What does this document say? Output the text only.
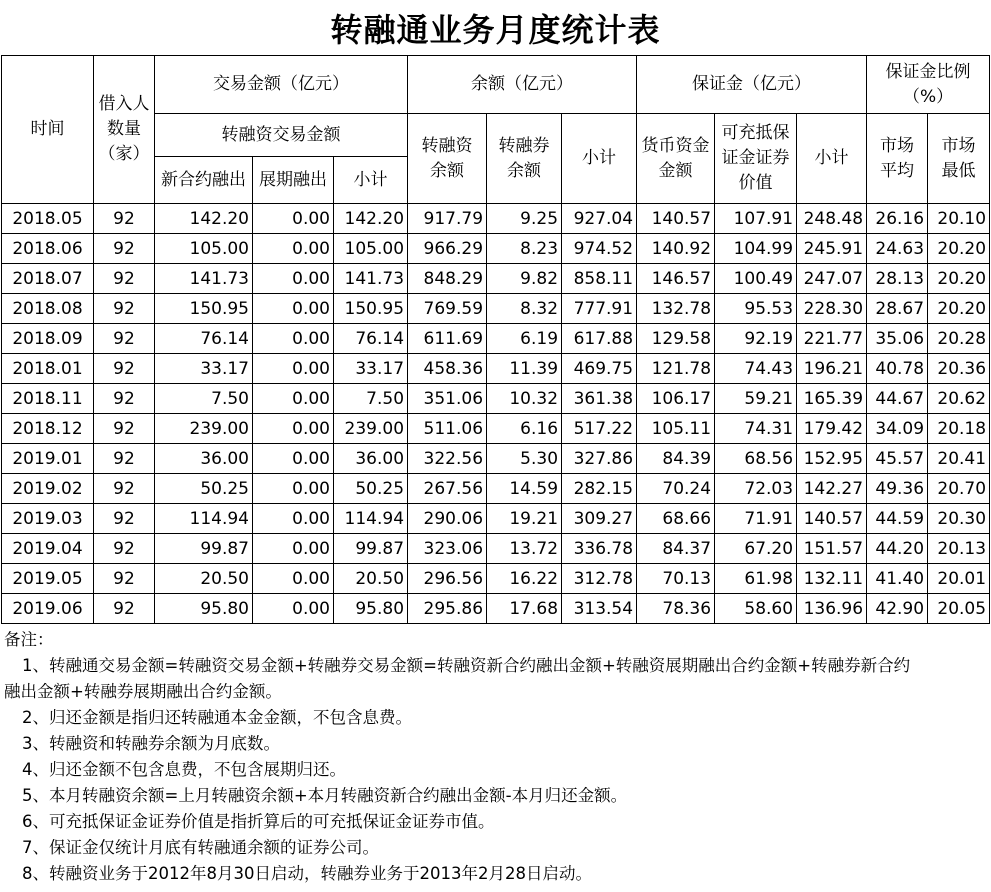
转融通业务月度统计表
时间	借入人数量（家）	交易金额（亿元）			余额（亿元）			保证金（亿元）			保证金比例（%）	
		转融资交易金额			转融资余额	转融券余额	小计	货币资金金额	可充抵保证金证券价值	小计	市场平均	市场最低
		新合约融出	展期融出	小计								
2018.05	92	142.20	0.00	142.20	917.79	9.25	927.04	140.57	107.91	248.48	26.16	20.10
2018.06	92	105.00	0.00	105.00	966.29	8.23	974.52	140.92	104.99	245.91	24.63	20.20
2018.07	92	141.73	0.00	141.73	848.29	9.82	858.11	146.57	100.49	247.07	28.13	20.20
2018.08	92	150.95	0.00	150.95	769.59	8.32	777.91	132.78	95.53	228.30	28.67	20.20
2018.09	92	76.14	0.00	76.14	611.69	6.19	617.88	129.58	92.19	221.77	35.06	20.28
2018.01	92	33.17	0.00	33.17	458.36	11.39	469.75	121.78	74.43	196.21	40.78	20.36
2018.11	92	7.50	0.00	7.50	351.06	10.32	361.38	106.17	59.21	165.39	44.67	20.62
2018.12	92	239.00	0.00	239.00	511.06	6.16	517.22	105.11	74.31	179.42	34.09	20.18
2019.01	92	36.00	0.00	36.00	322.56	5.30	327.86	84.39	68.56	152.95	45.57	20.41
2019.02	92	50.25	0.00	50.25	267.56	14.59	282.15	70.24	72.03	142.27	49.36	20.70
2019.03	92	114.94	0.00	114.94	290.06	19.21	309.27	68.66	71.91	140.57	44.59	20.30
2019.04	92	99.87	0.00	99.87	323.06	13.72	336.78	84.37	67.20	151.57	44.20	20.13
2019.05	92	20.50	0.00	20.50	296.56	16.22	312.78	70.13	61.98	132.11	41.40	20.01
2019.06	92	95.80	0.00	95.80	295.86	17.68	313.54	78.36	58.60	136.96	42.90	20.05
备注：
1、转融通交易金额=转融资交易金额+转融券交易金额=转融资新合约融出金额+转融资展期融出合约金额+转融券新合约
融出金额+转融券展期融出合约金额。
2、归还金额是指归还转融通本金金额，不包含息费。
3、转融资和转融券余额为月底数。
4、归还金额不包含息费，不包含展期归还。
5、本月转融资余额=上月转融资余额+本月转融资新合约融出金额-本月归还金额。
6、可充抵保证金证券价值是指折算后的可充抵保证金证券市值。
7、保证金仅统计月底有转融通余额的证券公司。
8、转融资业务于2012年8月30日启动，转融券业务于2013年2月28日启动。
